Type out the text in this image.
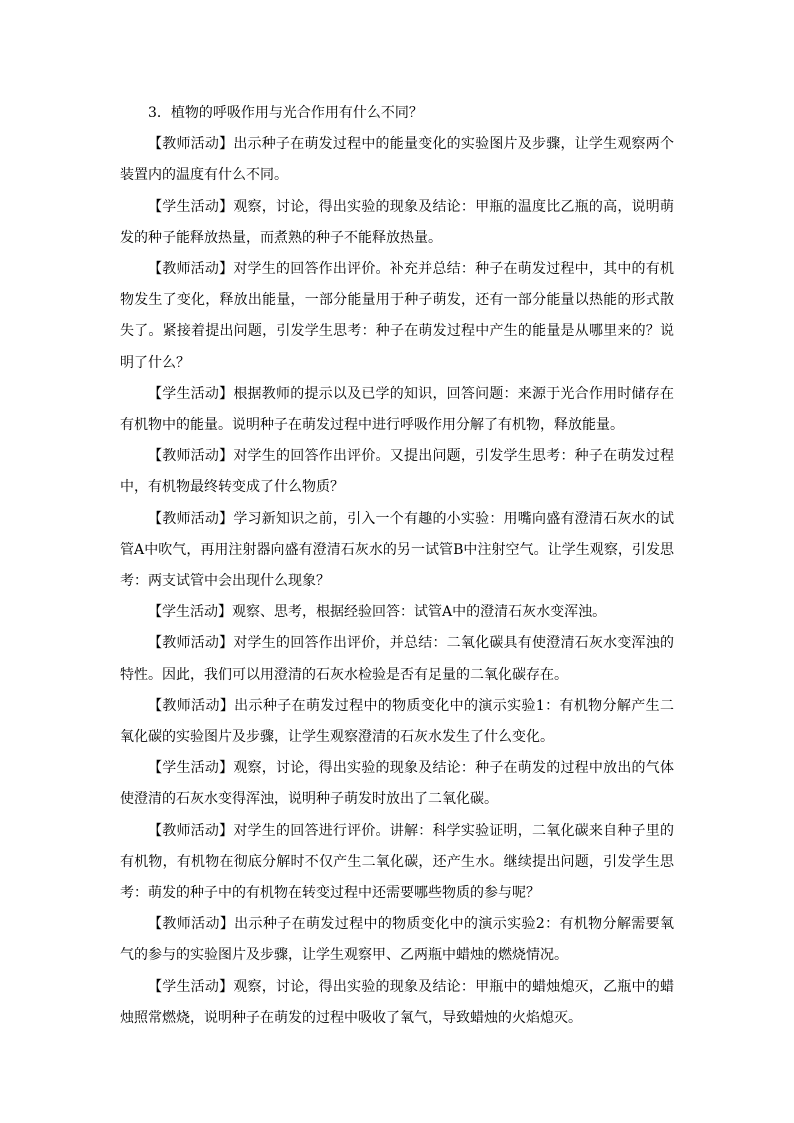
3．植物的呼吸作用与光合作用有什么不同？

【教师活动】出示种子在萌发过程中的能量变化的实验图片及步骤，让学生观察两个装置内的温度有什么不同。

【学生活动】观察，讨论，得出实验的现象及结论：甲瓶的温度比乙瓶的高，说明萌发的种子能释放热量，而煮熟的种子不能释放热量。

【教师活动】对学生的回答作出评价。补充并总结：种子在萌发过程中，其中的有机物发生了变化，释放出能量，一部分能量用于种子萌发，还有一部分能量以热能的形式散失了。紧接着提出问题，引发学生思考：种子在萌发过程中产生的能量是从哪里来的？说明了什么？

【学生活动】根据教师的提示以及已学的知识，回答问题：来源于光合作用时储存在有机物中的能量。说明种子在萌发过程中进行呼吸作用分解了有机物，释放能量。

【教师活动】对学生的回答作出评价。又提出问题，引发学生思考：种子在萌发过程中，有机物最终转变成了什么物质？

【教师活动】学习新知识之前，引入一个有趣的小实验：用嘴向盛有澄清石灰水的试管A中吹气，再用注射器向盛有澄清石灰水的另一试管B中注射空气。让学生观察，引发思考：两支试管中会出现什么现象？

【学生活动】观察、思考，根据经验回答：试管A中的澄清石灰水变浑浊。

【教师活动】对学生的回答作出评价，并总结：二氧化碳具有使澄清石灰水变浑浊的特性。因此，我们可以用澄清的石灰水检验是否有足量的二氧化碳存在。

【教师活动】出示种子在萌发过程中的物质变化中的演示实验1：有机物分解产生二氧化碳的实验图片及步骤，让学生观察澄清的石灰水发生了什么变化。

【学生活动】观察，讨论，得出实验的现象及结论：种子在萌发的过程中放出的气体使澄清的石灰水变得浑浊，说明种子萌发时放出了二氧化碳。

【教师活动】对学生的回答进行评价。讲解：科学实验证明，二氧化碳来自种子里的有机物，有机物在彻底分解时不仅产生二氧化碳，还产生水。继续提出问题，引发学生思考：萌发的种子中的有机物在转变过程中还需要哪些物质的参与呢？

【教师活动】出示种子在萌发过程中的物质变化中的演示实验2：有机物分解需要氧气的参与的实验图片及步骤，让学生观察甲、乙两瓶中蜡烛的燃烧情况。

【学生活动】观察，讨论，得出实验的现象及结论：甲瓶中的蜡烛熄灭，乙瓶中的蜡烛照常燃烧，说明种子在萌发的过程中吸收了氧气，导致蜡烛的火焰熄灭。
